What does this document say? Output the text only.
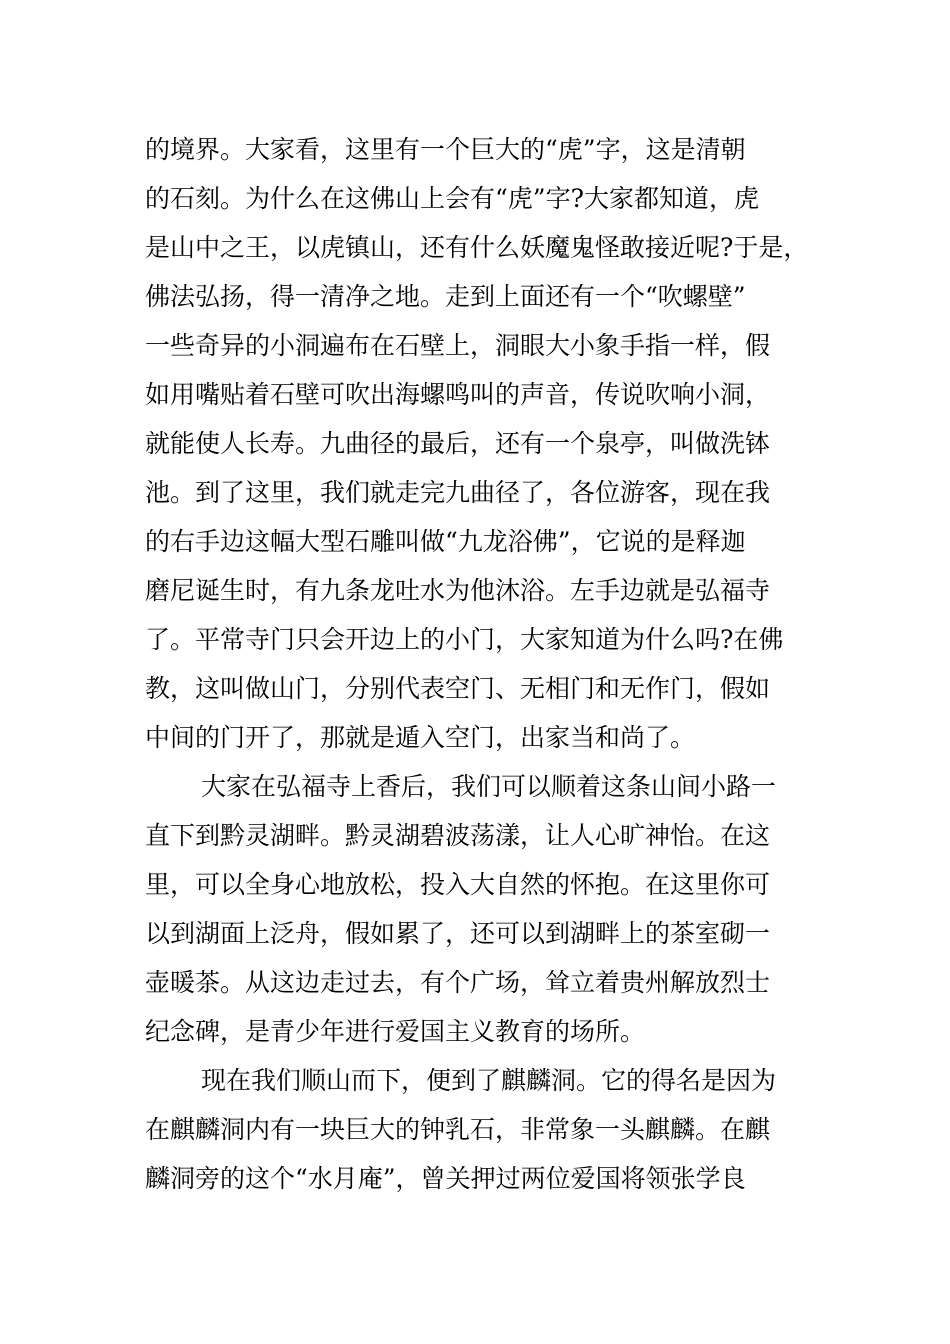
的境界。大家看，这里有一个巨大的“虎”字，这是清朝
的石刻。为什么在这佛山上会有“虎”字?大家都知道，虎
是山中之王，以虎镇山，还有什么妖魔鬼怪敢接近呢?于是，
佛法弘扬，得一清净之地。走到上面还有一个“吹螺壁”
一些奇异的小洞遍布在石壁上，洞眼大小象手指一样，假
如用嘴贴着石壁可吹出海螺鸣叫的声音，传说吹响小洞，
就能使人长寿。九曲径的最后，还有一个泉亭，叫做洗钵
池。到了这里，我们就走完九曲径了，各位游客，现在我
的右手边这幅大型石雕叫做“九龙浴佛”，它说的是释迦
磨尼诞生时，有九条龙吐水为他沐浴。左手边就是弘福寺
了。平常寺门只会开边上的小门，大家知道为什么吗?在佛
教，这叫做山门，分别代表空门、无相门和无作门，假如
中间的门开了，那就是遁入空门，出家当和尚了。
大家在弘福寺上香后，我们可以顺着这条山间小路一
直下到黔灵湖畔。黔灵湖碧波荡漾，让人心旷神怡。在这
里，可以全身心地放松，投入大自然的怀抱。在这里你可
以到湖面上泛舟，假如累了，还可以到湖畔上的茶室砌一
壶暖茶。从这边走过去，有个广场，耸立着贵州解放烈士
纪念碑，是青少年进行爱国主义教育的场所。
现在我们顺山而下，便到了麒麟洞。它的得名是因为
在麒麟洞内有一块巨大的钟乳石，非常象一头麒麟。在麒
麟洞旁的这个“水月庵”，曾关押过两位爱国将领张学良
